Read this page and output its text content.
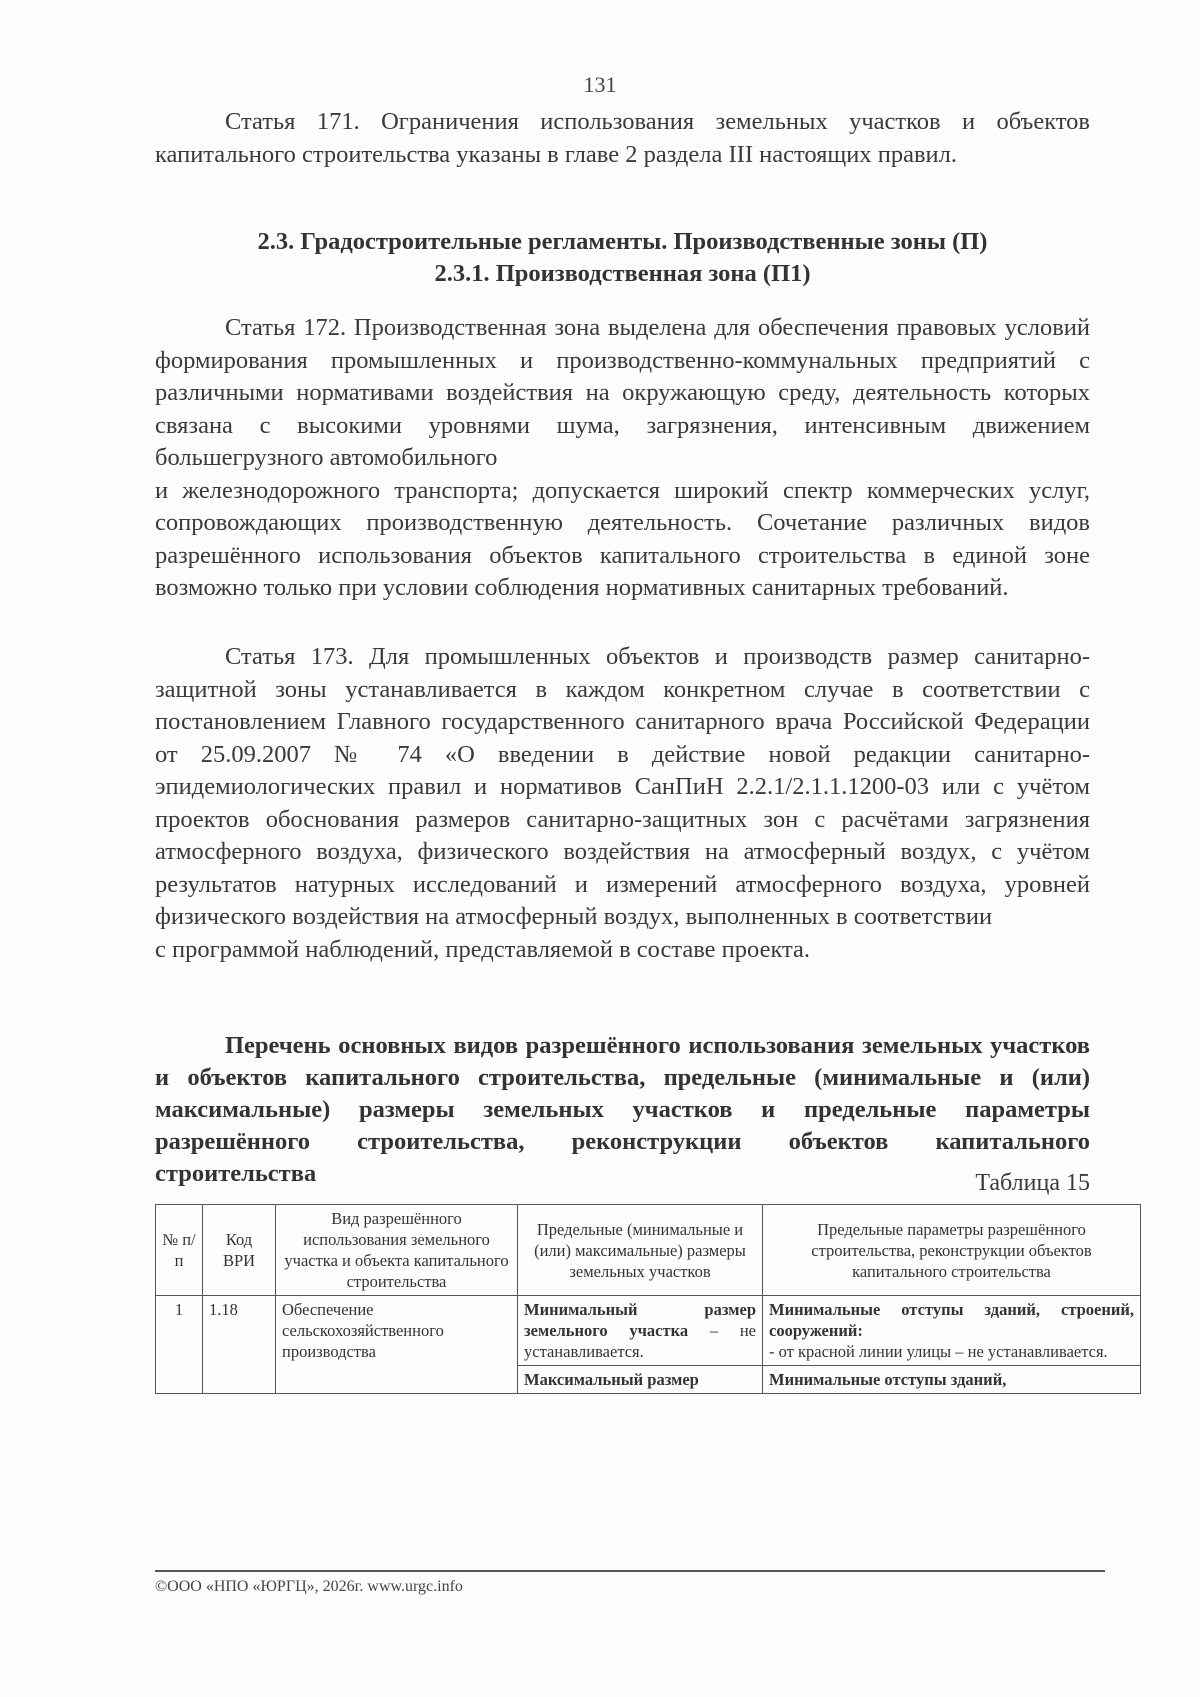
131

Статья 171. Ограничения использования земельных участков и объектов капитального строительства указаны в главе 2 раздела III настоящих правил.

2.3. Градостроительные регламенты. Производственные зоны (П)

2.3.1. Производственная зона (П1)

Статья 172. Производственная зона выделена для обеспечения правовых условий формирования промышленных и производственно-коммунальных предприятий с различными нормативами воздействия на окружающую среду, деятельность которых связана с высокими уровнями шума, загрязнения, интенсивным движением большегрузного автомобильного

и железнодорожного транспорта; допускается широкий спектр коммерческих услуг, сопровождающих производственную деятельность. Сочетание различных видов разрешённого использования объектов капитального строительства в единой зоне возможно только при условии соблюдения нормативных санитарных требований.

Статья 173. Для промышленных объектов и производств размер санитарно-защитной зоны устанавливается в каждом конкретном случае в соответствии с постановлением Главного государственного санитарного врача Российской Федерации от 25.09.2007 № 74 «О введении в действие новой редакции санитарно-эпидемиологических правил и нормативов СанПиН 2.2.1/2.1.1.1200-03 или с учётом проектов обоснования размеров санитарно-защитных зон с расчётами загрязнения атмосферного воздуха, физического воздействия на атмосферный воздух, с учётом результатов натурных исследований и измерений атмосферного воздуха, уровней физического воздействия на атмосферный воздух, выполненных в соответствии

с программой наблюдений, представляемой в составе проекта.

Перечень основных видов разрешённого использования земельных участков и объектов капитального строительства, предельные (минимальные и (или) максимальные) размеры земельных участков и предельные параметры разрешённого строительства, реконструкции объектов капитального строительства	Таблица 15

№ п/п	Код ВРИ	Вид разрешённого использования земельного участка и объекта капитального строительства	Предельные (минимальные и (или) максимальные) размеры земельных участков	Предельные параметры разрешённого строительства, реконструкции объектов капитального строительства
1	1.18	Обеспечение сельскохозяйственного производства	Минимальный размер земельного участка – не устанавливается.	Минимальные отступы зданий, строений, сооружений:
- от красной линии улицы – не устанавливается.
			Максимальный размер	Минимальные отступы зданий,
©ООО «НПО «ЮРГЦ», 2026г. www.urgc.info
